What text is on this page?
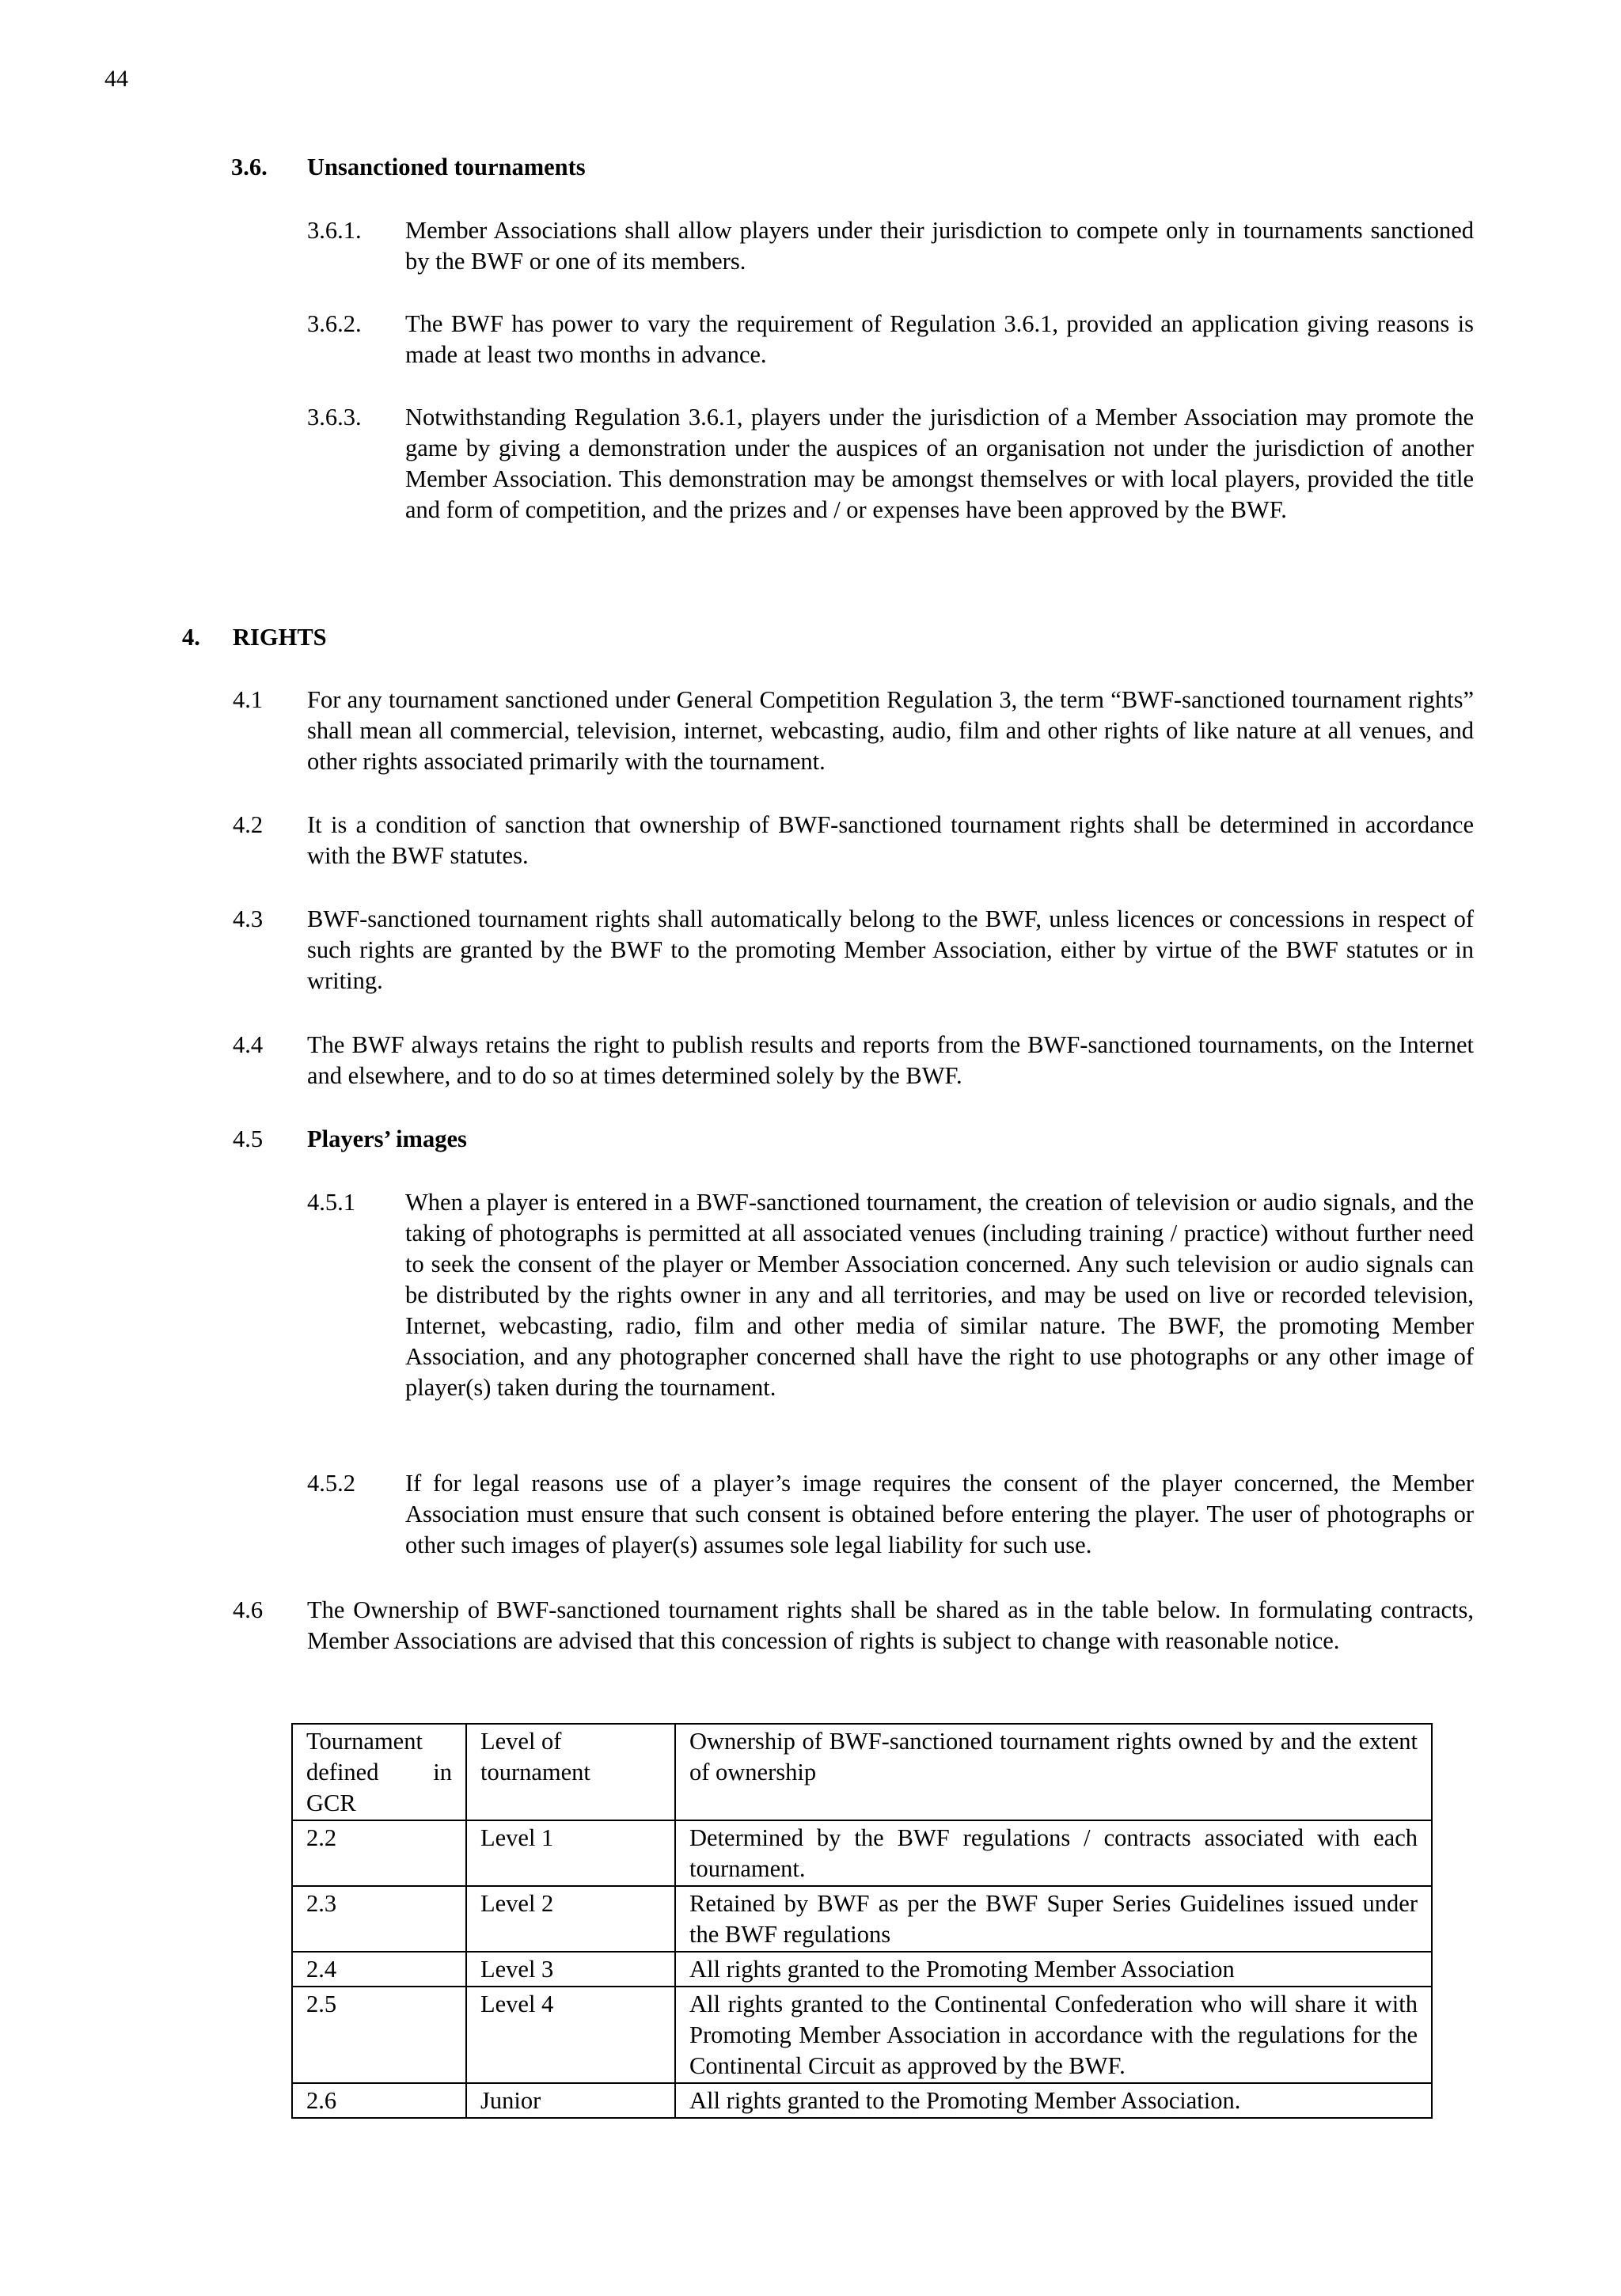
44
3.6. Unsanctioned tournaments
3.6.1. Member Associations shall allow players under their jurisdiction to compete only in tournaments sanctioned by the BWF or one of its members.
3.6.2. The BWF has power to vary the requirement of Regulation 3.6.1, provided an application giving reasons is made at least two months in advance.
3.6.3. Notwithstanding Regulation 3.6.1, players under the jurisdiction of a Member Association may promote the game by giving a demonstration under the auspices of an organisation not under the jurisdiction of another Member Association. This demonstration may be amongst themselves or with local players, provided the title and form of competition, and the prizes and / or expenses have been approved by the BWF.
4. RIGHTS
4.1 For any tournament sanctioned under General Competition Regulation 3, the term “BWF-sanctioned tournament rights” shall mean all commercial, television, internet, webcasting, audio, film and other rights of like nature at all venues, and other rights associated primarily with the tournament.
4.2 It is a condition of sanction that ownership of BWF-sanctioned tournament rights shall be determined in accordance with the BWF statutes.
4.3 BWF-sanctioned tournament rights shall automatically belong to the BWF, unless licences or concessions in respect of such rights are granted by the BWF to the promoting Member Association, either by virtue of the BWF statutes or in writing.
4.4 The BWF always retains the right to publish results and reports from the BWF-sanctioned tournaments, on the Internet and elsewhere, and to do so at times determined solely by the BWF.
4.5 Players’ images
4.5.1 When a player is entered in a BWF-sanctioned tournament, the creation of television or audio signals, and the taking of photographs is permitted at all associated venues (including training / practice) without further need to seek the consent of the player or Member Association concerned. Any such television or audio signals can be distributed by the rights owner in any and all territories, and may be used on live or recorded television, Internet, webcasting, radio, film and other media of similar nature. The BWF, the promoting Member Association, and any photographer concerned shall have the right to use photographs or any other image of player(s) taken during the tournament.
4.5.2 If for legal reasons use of a player’s image requires the consent of the player concerned, the Member Association must ensure that such consent is obtained before entering the player. The user of photographs or other such images of player(s) assumes sole legal liability for such use.
4.6 The Ownership of BWF-sanctioned tournament rights shall be shared as in the table below. In formulating contracts, Member Associations are advised that this concession of rights is subject to change with reasonable notice.
Tournament defined in GCR	Level of tournament	Ownership of BWF-sanctioned tournament rights owned by and the extent of ownership
2.2	Level 1	Determined by the BWF regulations / contracts associated with each tournament.
2.3	Level 2	Retained by BWF as per the BWF Super Series Guidelines issued under the BWF regulations
2.4	Level 3	All rights granted to the Promoting Member Association
2.5	Level 4	All rights granted to the Continental Confederation who will share it with Promoting Member Association in accordance with the regulations for the Continental Circuit as approved by the BWF.
2.6	Junior	All rights granted to the Promoting Member Association.
